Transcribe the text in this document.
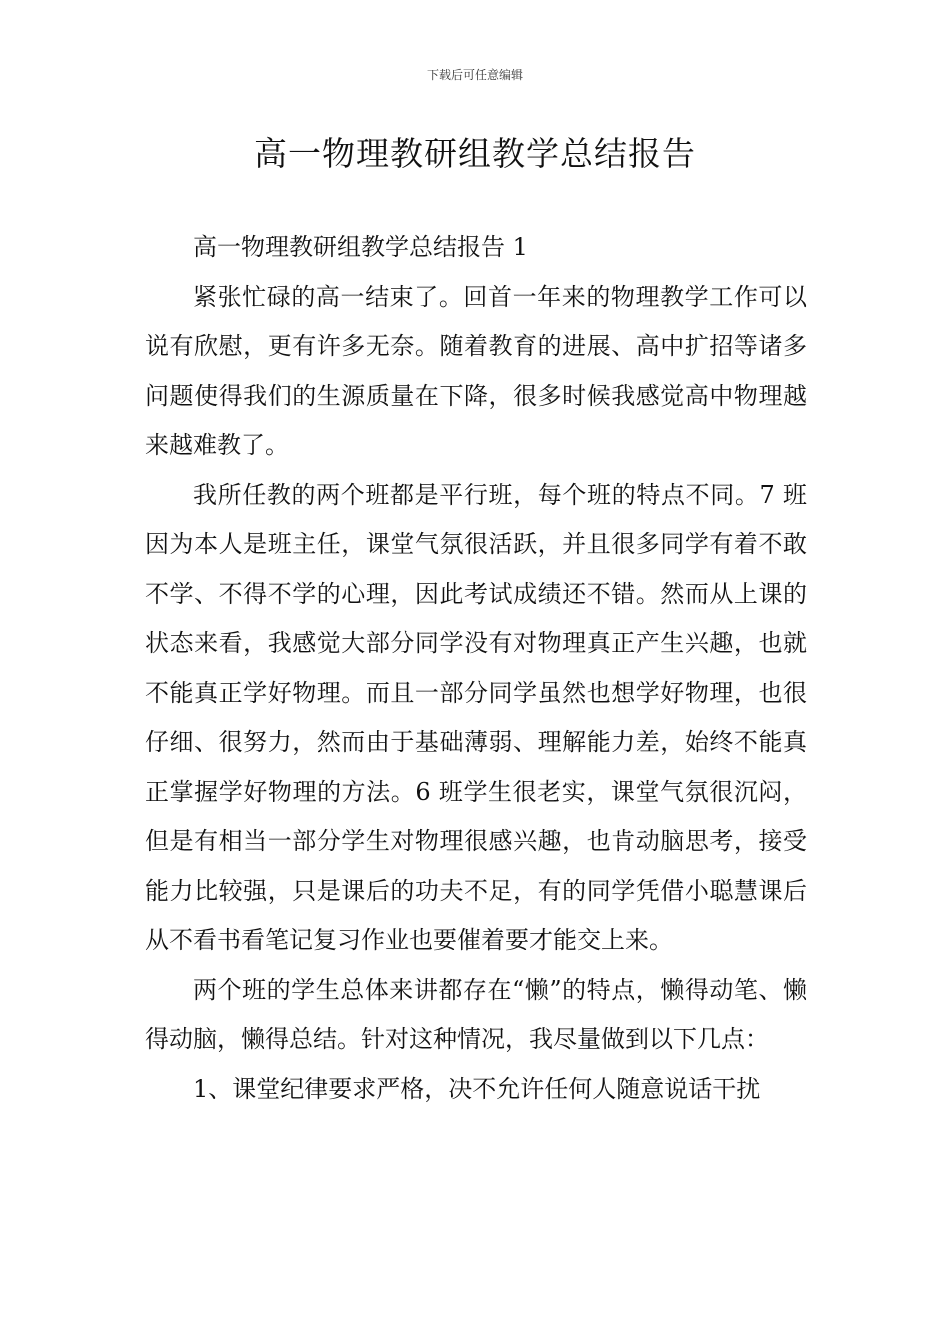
下载后可任意编辑
高一物理教研组教学总结报告

高一物理教研组教学总结报告 1

紧张忙碌的高一结束了。回首一年来的物理教学工作可以说有欣慰，更有许多无奈。随着教育的进展、高中扩招等诸多问题使得我们的生源质量在下降，很多时候我感觉高中物理越来越难教了。

我所任教的两个班都是平行班，每个班的特点不同。7 班因为本人是班主任，课堂气氛很活跃，并且很多同学有着不敢不学、不得不学的心理，因此考试成绩还不错。然而从上课的状态来看，我感觉大部分同学没有对物理真正产生兴趣，也就不能真正学好物理。而且一部分同学虽然也想学好物理，也很仔细、很努力，然而由于基础薄弱、理解能力差，始终不能真正掌握学好物理的方法。6 班学生很老实，课堂气氛很沉闷，但是有相当一部分学生对物理很感兴趣，也肯动脑思考，接受能力比较强，只是课后的功夫不足，有的同学凭借小聪慧课后从不看书看笔记复习作业也要催着要才能交上来。

两个班的学生总体来讲都存在“懒”的特点，懒得动笔、懒得动脑，懒得总结。针对这种情况，我尽量做到以下几点：

1、课堂纪律要求严格，决不允许任何人随意说话干扰
